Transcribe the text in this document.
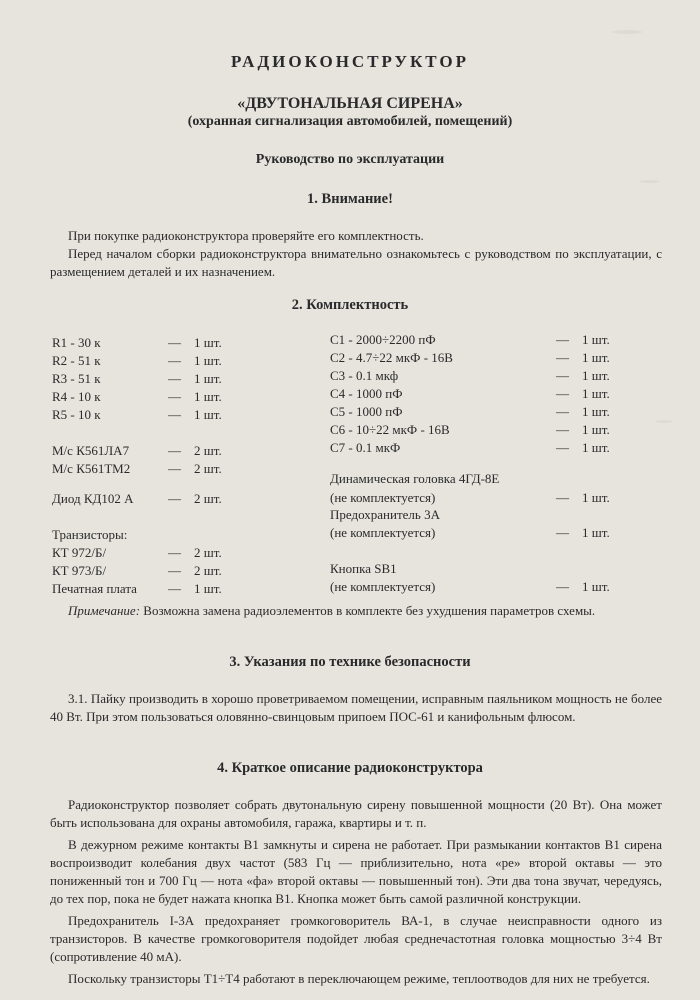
РАДИОКОНСТРУКТОР
«ДВУТОНАЛЬНАЯ СИРЕНА»
(охранная сигнализация автомобилей, помещений)
Руководство по эксплуатации
1. Внимание!

При покупке радиоконструктора проверяйте его комплектность.

Перед началом сборки радиоконструктора внимательно ознакомьтесь с руководством по эксплуатации, с размещением деталей и их назначением.

2. Комплектность
R1 - 30 к	— 1 шт.
R2 - 51 к	— 1 шт.
R3 - 51 к	— 1 шт.
R4 - 10 к	— 1 шт.
R5 - 10 к	— 1 шт.
М/с К561ЛА7	— 2 шт.
М/с К561ТМ2	— 2 шт.
Диод КД102 А	— 2 шт.
Транзисторы:
КТ 972/Б/	— 2 шт.
КТ 973/Б/	— 2 шт.
Печатная плата — 1 шт.
С1 - 2000÷2200 пФ	— 1 шт.
С2 - 4.7÷22 мкФ - 16В	— 1 шт.
С3 - 0.1 мкф	— 1 шт.
С4 - 1000 пФ	— 1 шт.
С5 - 1000 пФ	— 1 шт.
С6 - 10÷22 мкФ - 16В	— 1 шт.
С7 - 0.1 мкФ	— 1 шт.
Динамическая головка 4ГД-8Е
(не комплектуется)	— 1 шт.
Предохранитель 3А
(не комплектуется)	— 1 шт.
Кнопка SB1
(не комплектуется)	— 1 шт.

Примечание: Возможна замена радиоэлементов в комплекте без ухудшения параметров схемы.

3. Указания по технике безопасности

3.1. Пайку производить в хорошо проветриваемом помещении, исправным паяльником мощность не более 40 Вт. При этом пользоваться оловянно-свинцовым припоем ПОС-61 и канифольным флюсом.

4. Краткое описание радиоконструктора

Радиоконструктор позволяет собрать двутональную сирену повышенной мощности (20 Вт). Она может быть использована для охраны автомобиля, гаража, квартиры и т. п.

В дежурном режиме контакты В1 замкнуты и сирена не работает. При размыкании контактов В1 сирена воспроизводит колебания двух частот (583 Гц — приблизительно, нота «ре» второй октавы — это пониженный тон и 700 Гц — нота «фа» второй октавы — повышенный тон). Эти два тона звучат, чередуясь, до тех пор, пока не будет нажата кнопка В1. Кнопка может быть самой различной конструкции.

Предохранитель I-3А предохраняет громкоговоритель ВА-1, в случае неисправности одного из транзисторов. В качестве громкоговорителя подойдет любая среднечастотная головка мощностью 3÷4 Вт (сопротивление 40 мА).

Поскольку транзисторы Т1÷Т4 работают в переключающем режиме, теплоотводов для них не требуется.
